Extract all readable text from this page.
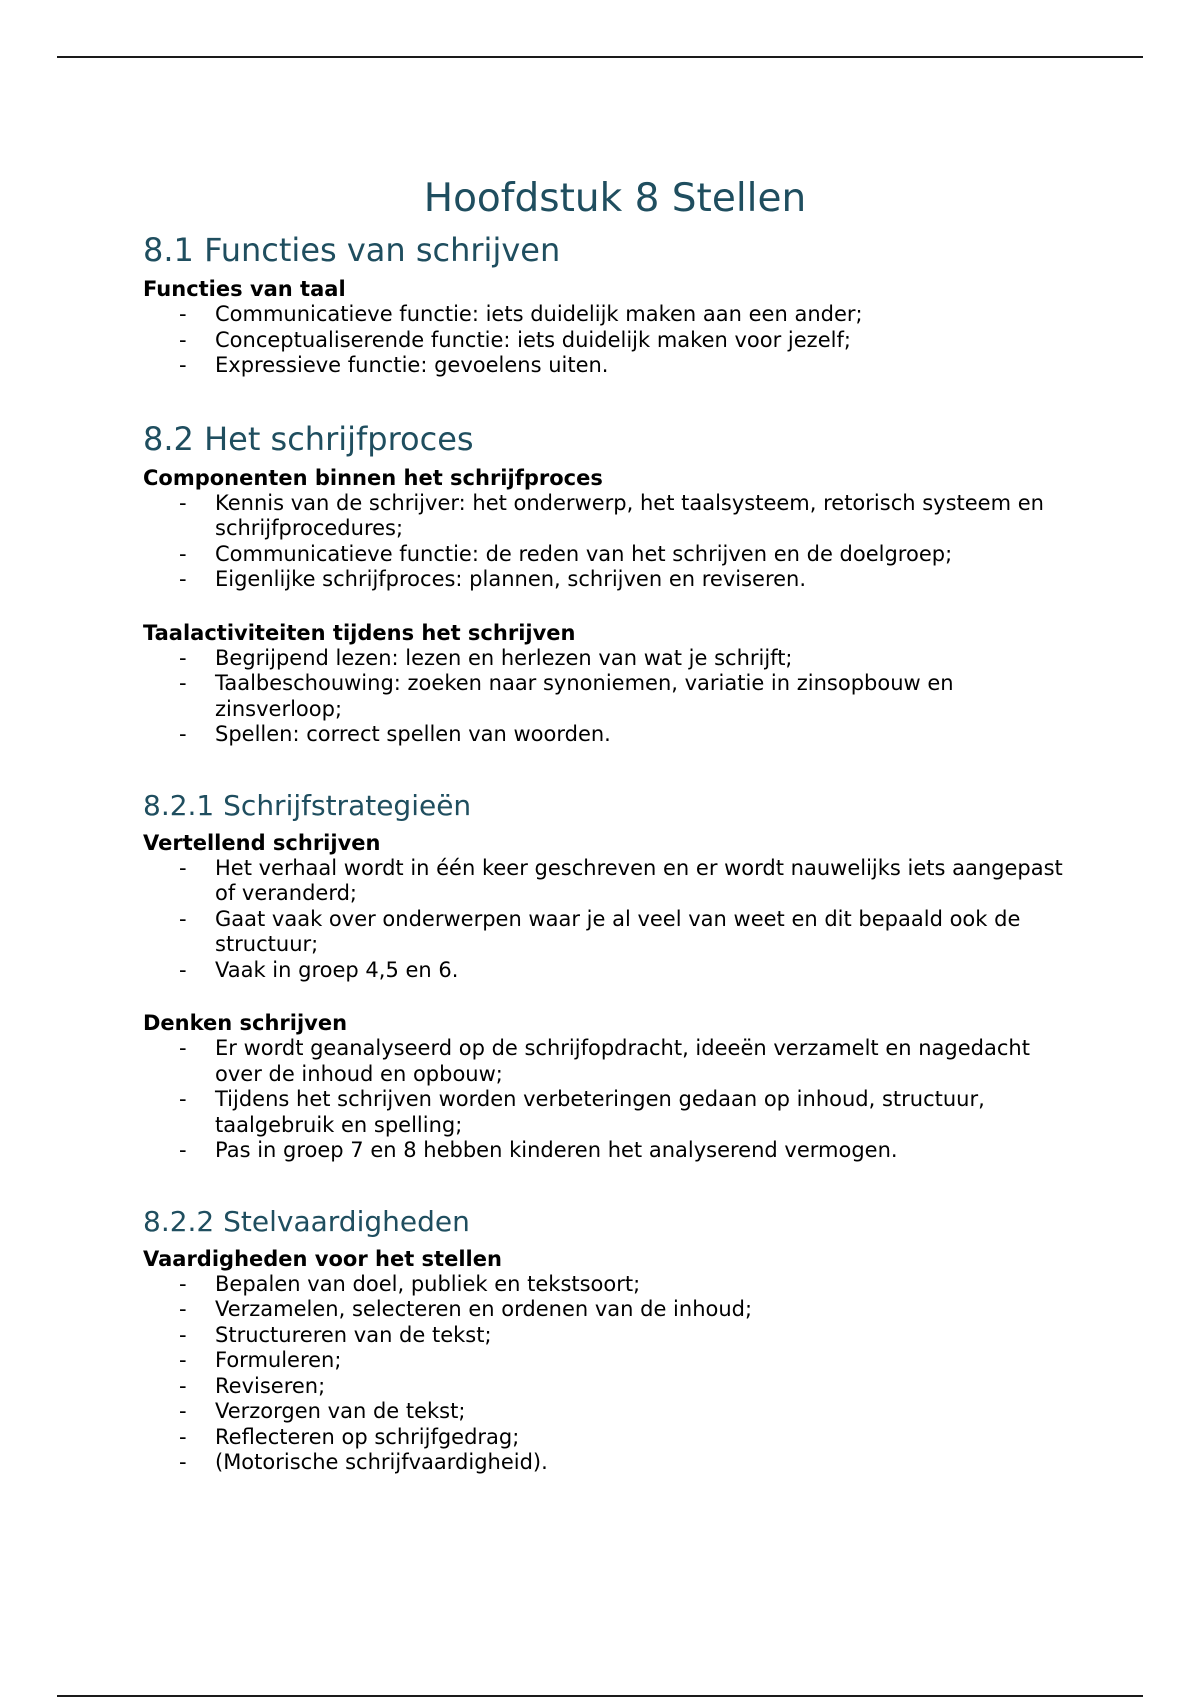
Hoofdstuk 8 Stellen
8.1 Functies van schrijven
Functies van taal
- Communicatieve functie: iets duidelijk maken aan een ander;
- Conceptualiserende functie: iets duidelijk maken voor jezelf;
- Expressieve functie: gevoelens uiten.
8.2 Het schrijfproces
Componenten binnen het schrijfproces
- Kennis van de schrijver: het onderwerp, het taalsysteem, retorisch systeem en schrijfprocedures;
- Communicatieve functie: de reden van het schrijven en de doelgroep;
- Eigenlijke schrijfproces: plannen, schrijven en reviseren.
Taalactiviteiten tijdens het schrijven
- Begrijpend lezen: lezen en herlezen van wat je schrijft;
- Taalbeschouwing: zoeken naar synoniemen, variatie in zinsopbouw en zinsverloop;
- Spellen: correct spellen van woorden.
8.2.1 Schrijfstrategieën
Vertellend schrijven
- Het verhaal wordt in één keer geschreven en er wordt nauwelijks iets aangepast of veranderd;
- Gaat vaak over onderwerpen waar je al veel van weet en dit bepaald ook de structuur;
- Vaak in groep 4,5 en 6.
Denken schrijven
- Er wordt geanalyseerd op de schrijfopdracht, ideeën verzamelt en nagedacht over de inhoud en opbouw;
- Tijdens het schrijven worden verbeteringen gedaan op inhoud, structuur, taalgebruik en spelling;
- Pas in groep 7 en 8 hebben kinderen het analyserend vermogen.
8.2.2 Stelvaardigheden
Vaardigheden voor het stellen
- Bepalen van doel, publiek en tekstsoort;
- Verzamelen, selecteren en ordenen van de inhoud;
- Structureren van de tekst;
- Formuleren;
- Reviseren;
- Verzorgen van de tekst;
- Reflecteren op schrijfgedrag;
- (Motorische schrijfvaardigheid).
